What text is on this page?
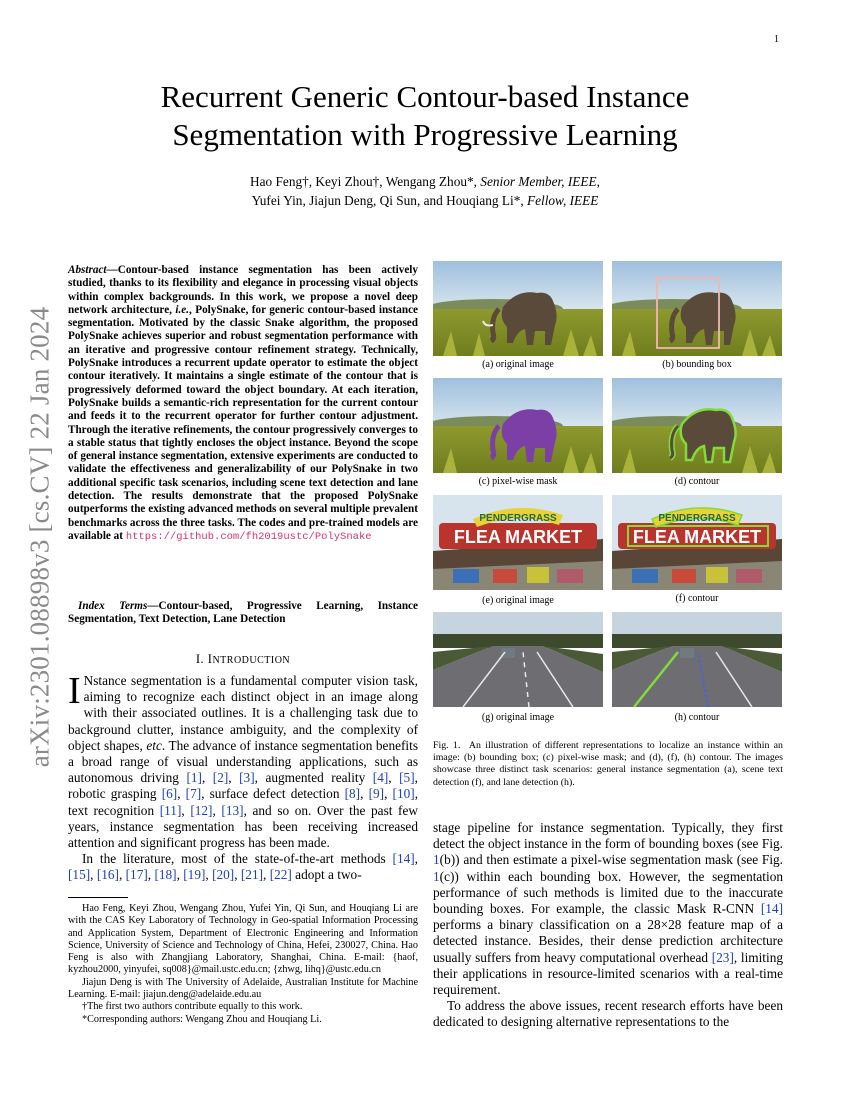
1
arXiv:2301.08898v3 [cs.CV] 22 Jan 2024
Recurrent Generic Contour-based Instance
Segmentation with Progressive Learning
Hao Feng†, Keyi Zhou†, Wengang Zhou*, Senior Member, IEEE,
Yufei Yin, Jiajun Deng, Qi Sun, and Houqiang Li*, Fellow, IEEE
Abstract—Contour-based instance segmentation has been actively studied, thanks to its flexibility and elegance in processing visual objects within complex backgrounds. In this work, we propose a novel deep network architecture, i.e., PolySnake, for generic contour-based instance segmentation. Motivated by the classic Snake algorithm, the proposed PolySnake achieves superior and robust segmentation performance with an iterative and progressive contour refinement strategy. Technically, PolySnake introduces a recurrent update operator to estimate the object contour iteratively. It maintains a single estimate of the contour that is progressively deformed toward the object boundary. At each iteration, PolySnake builds a semantic-rich representation for the current contour and feeds it to the recurrent operator for further contour adjustment. Through the iterative refinements, the contour progressively converges to a stable status that tightly encloses the object instance. Beyond the scope of general instance segmentation, extensive experiments are conducted to validate the effectiveness and generalizability of our PolySnake in two additional specific task scenarios, including scene text detection and lane detection. The results demonstrate that the proposed PolySnake outperforms the existing advanced methods on several multiple prevalent benchmarks across the three tasks. The codes and pre-trained models are available at https://github.com/fh2019ustc/PolySnake
Index Terms—Contour-based, Progressive Learning, Instance Segmentation, Text Detection, Lane Detection
I. INTRODUCTION

I Nstance segmentation is a fundamental computer vision task, aiming to recognize each distinct object in an image along with their associated outlines. It is a challenging task due to background clutter, instance ambiguity, and the complexity of object shapes, etc. The advance of instance segmentation benefits a broad range of visual understanding applications, such as autonomous driving [1], [2], [3], augmented reality [4], [5], robotic grasping [6], [7], surface defect detection [8], [9], [10], text recognition [11], [12], [13], and so on. Over the past few years, instance segmentation has been receiving increased attention and significant progress has been made.

In the literature, most of the state-of-the-art methods [14], [15], [16], [17], [18], [19], [20], [21], [22] adopt a two-

Hao Feng, Keyi Zhou, Wengang Zhou, Yufei Yin, Qi Sun, and Houqiang Li are with the CAS Key Laboratory of Technology in Geo-spatial Information Processing and Application System, Department of Electronic Engineering and Information Science, University of Science and Technology of China, Hefei, 230027, China. Hao Feng is also with Zhangjiang Laboratory, Shanghai, China. E-mail: {haof, kyzhou2000, yinyufei, sq008}@mail.ustc.edu.cn; {zhwg, lihq}@ustc.edu.cn

Jiajun Deng is with The University of Adelaide, Australian Institute for Machine Learning. E-mail: jiajun.deng@adelaide.edu.au

†The first two authors contribute equally to this work.

*Corresponding authors: Wengang Zhou and Houqiang Li.

(a) original image	(b) bounding box
(c) pixel-wise mask	(d) contour
FLEA MARKET
PENDERGRASS
(e) original image
FLEA MARKET
PENDERGRASS
(f) contour
(g) original image	(h) contour
Fig. 1. An illustration of different representations to localize an instance within an image: (b) bounding box; (c) pixel-wise mask; and (d), (f), (h) contour. The images showcase three distinct task scenarios: general instance segmentation (a), scene text detection (f), and lane detection (h).

stage pipeline for instance segmentation. Typically, they first detect the object instance in the form of bounding boxes (see Fig. 1(b)) and then estimate a pixel-wise segmentation mask (see Fig. 1(c)) within each bounding box. However, the segmentation performance of such methods is limited due to the inaccurate bounding boxes. For example, the classic Mask R-CNN [14] performs a binary classification on a 28×28 feature map of a detected instance. Besides, their dense prediction architecture usually suffers from heavy computational overhead [23], limiting their applications in resource-limited scenarios with a real-time requirement.

To address the above issues, recent research efforts have been dedicated to designing alternative representations to the
